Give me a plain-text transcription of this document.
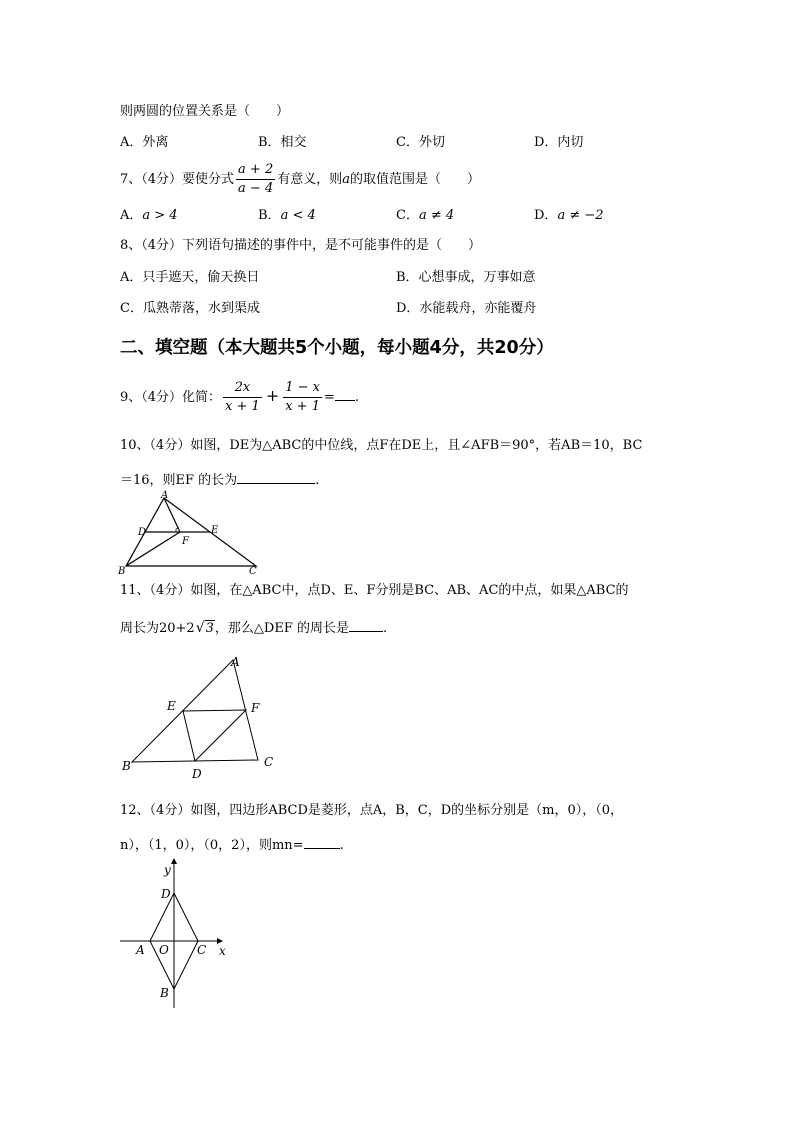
则两圆的位置关系是（　　）
A．外离	B．相交	C．外切	D．内切
7、（4分）要使分式 $\frac{a + 2}{a - 4}$ 有意义，则a的取值范围是（　　）
A．a > 4	B．a < 4	C．a ≠ 4	D．a ≠ −2
8、（4分）下列语句描述的事件中，是不可能事件的是（　　）
A．只手遮天，偷天换日	B．心想事成，万事如意
C．瓜熟蒂落，水到渠成	D．水能载舟，亦能覆舟
二、填空题（本大题共5个小题，每小题4分，共20分）
9、（4分）化简： $\frac{2x}{x + 1} + \frac{1 - x}{x + 1}$ = .
10、（4分）如图，DE为△ABC的中位线，点F在DE上，且∠AFB＝90°，若AB＝10，BC
＝16，则EF 的长为	.
A
D	E
F
B	C
11、（4分）如图，在△ABC中，点D、E、F分别是BC、AB、AC的中点，如果△ABC的
周长为20+2√3，那么△DEF 的周长是	.
A
E	F
B
D
C
12、（4分）如图，四边形ABCD是菱形，点A，B，C，D的坐标分别是（m，0），（0，
n），（1，0），（0，2），则mn=	.
y
x
D
A O C
B
